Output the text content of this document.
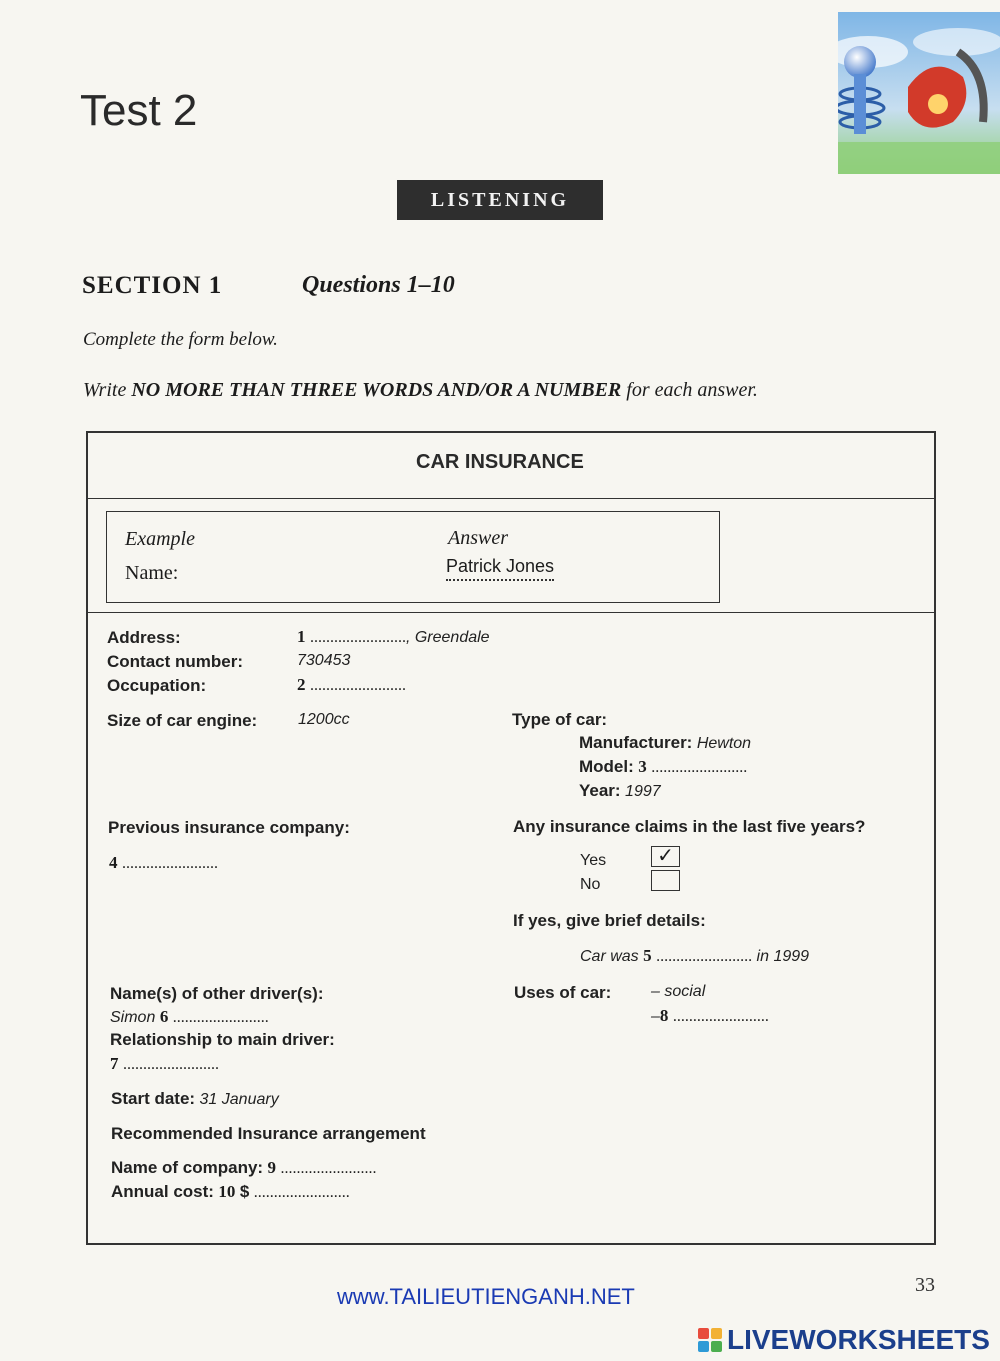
Test 2
LISTENING
SECTION 1	Questions 1–10
Complete the form below.
Write NO MORE THAN THREE WORDS AND/OR A NUMBER for each answer.
CAR INSURANCE
Example	Answer
Name:	Patrick Jones
Address:	1 ........................, Greendale
Contact number:	730453
Occupation:	2 ........................
Size of car engine:	1200cc	Type of car:
Manufacturer: Hewton
Model: 3 ........................
Year: 1997
Previous insurance company:
4 ........................
Any insurance claims in the last five years?
Yes	✓
No
If yes, give brief details:
Car was 5 ........................ in 1999
Name(s) of other driver(s):
Simon 6 ........................
Uses of car: – social
–8 ........................
Relationship to main driver:
7 ........................
Start date: 31 January
Recommended Insurance arrangement
Name of company: 9 ........................
Annual cost: 10 $ ........................
www.TAILIEUTIENGANH.NET	33
LIVEWORKSHEETS
